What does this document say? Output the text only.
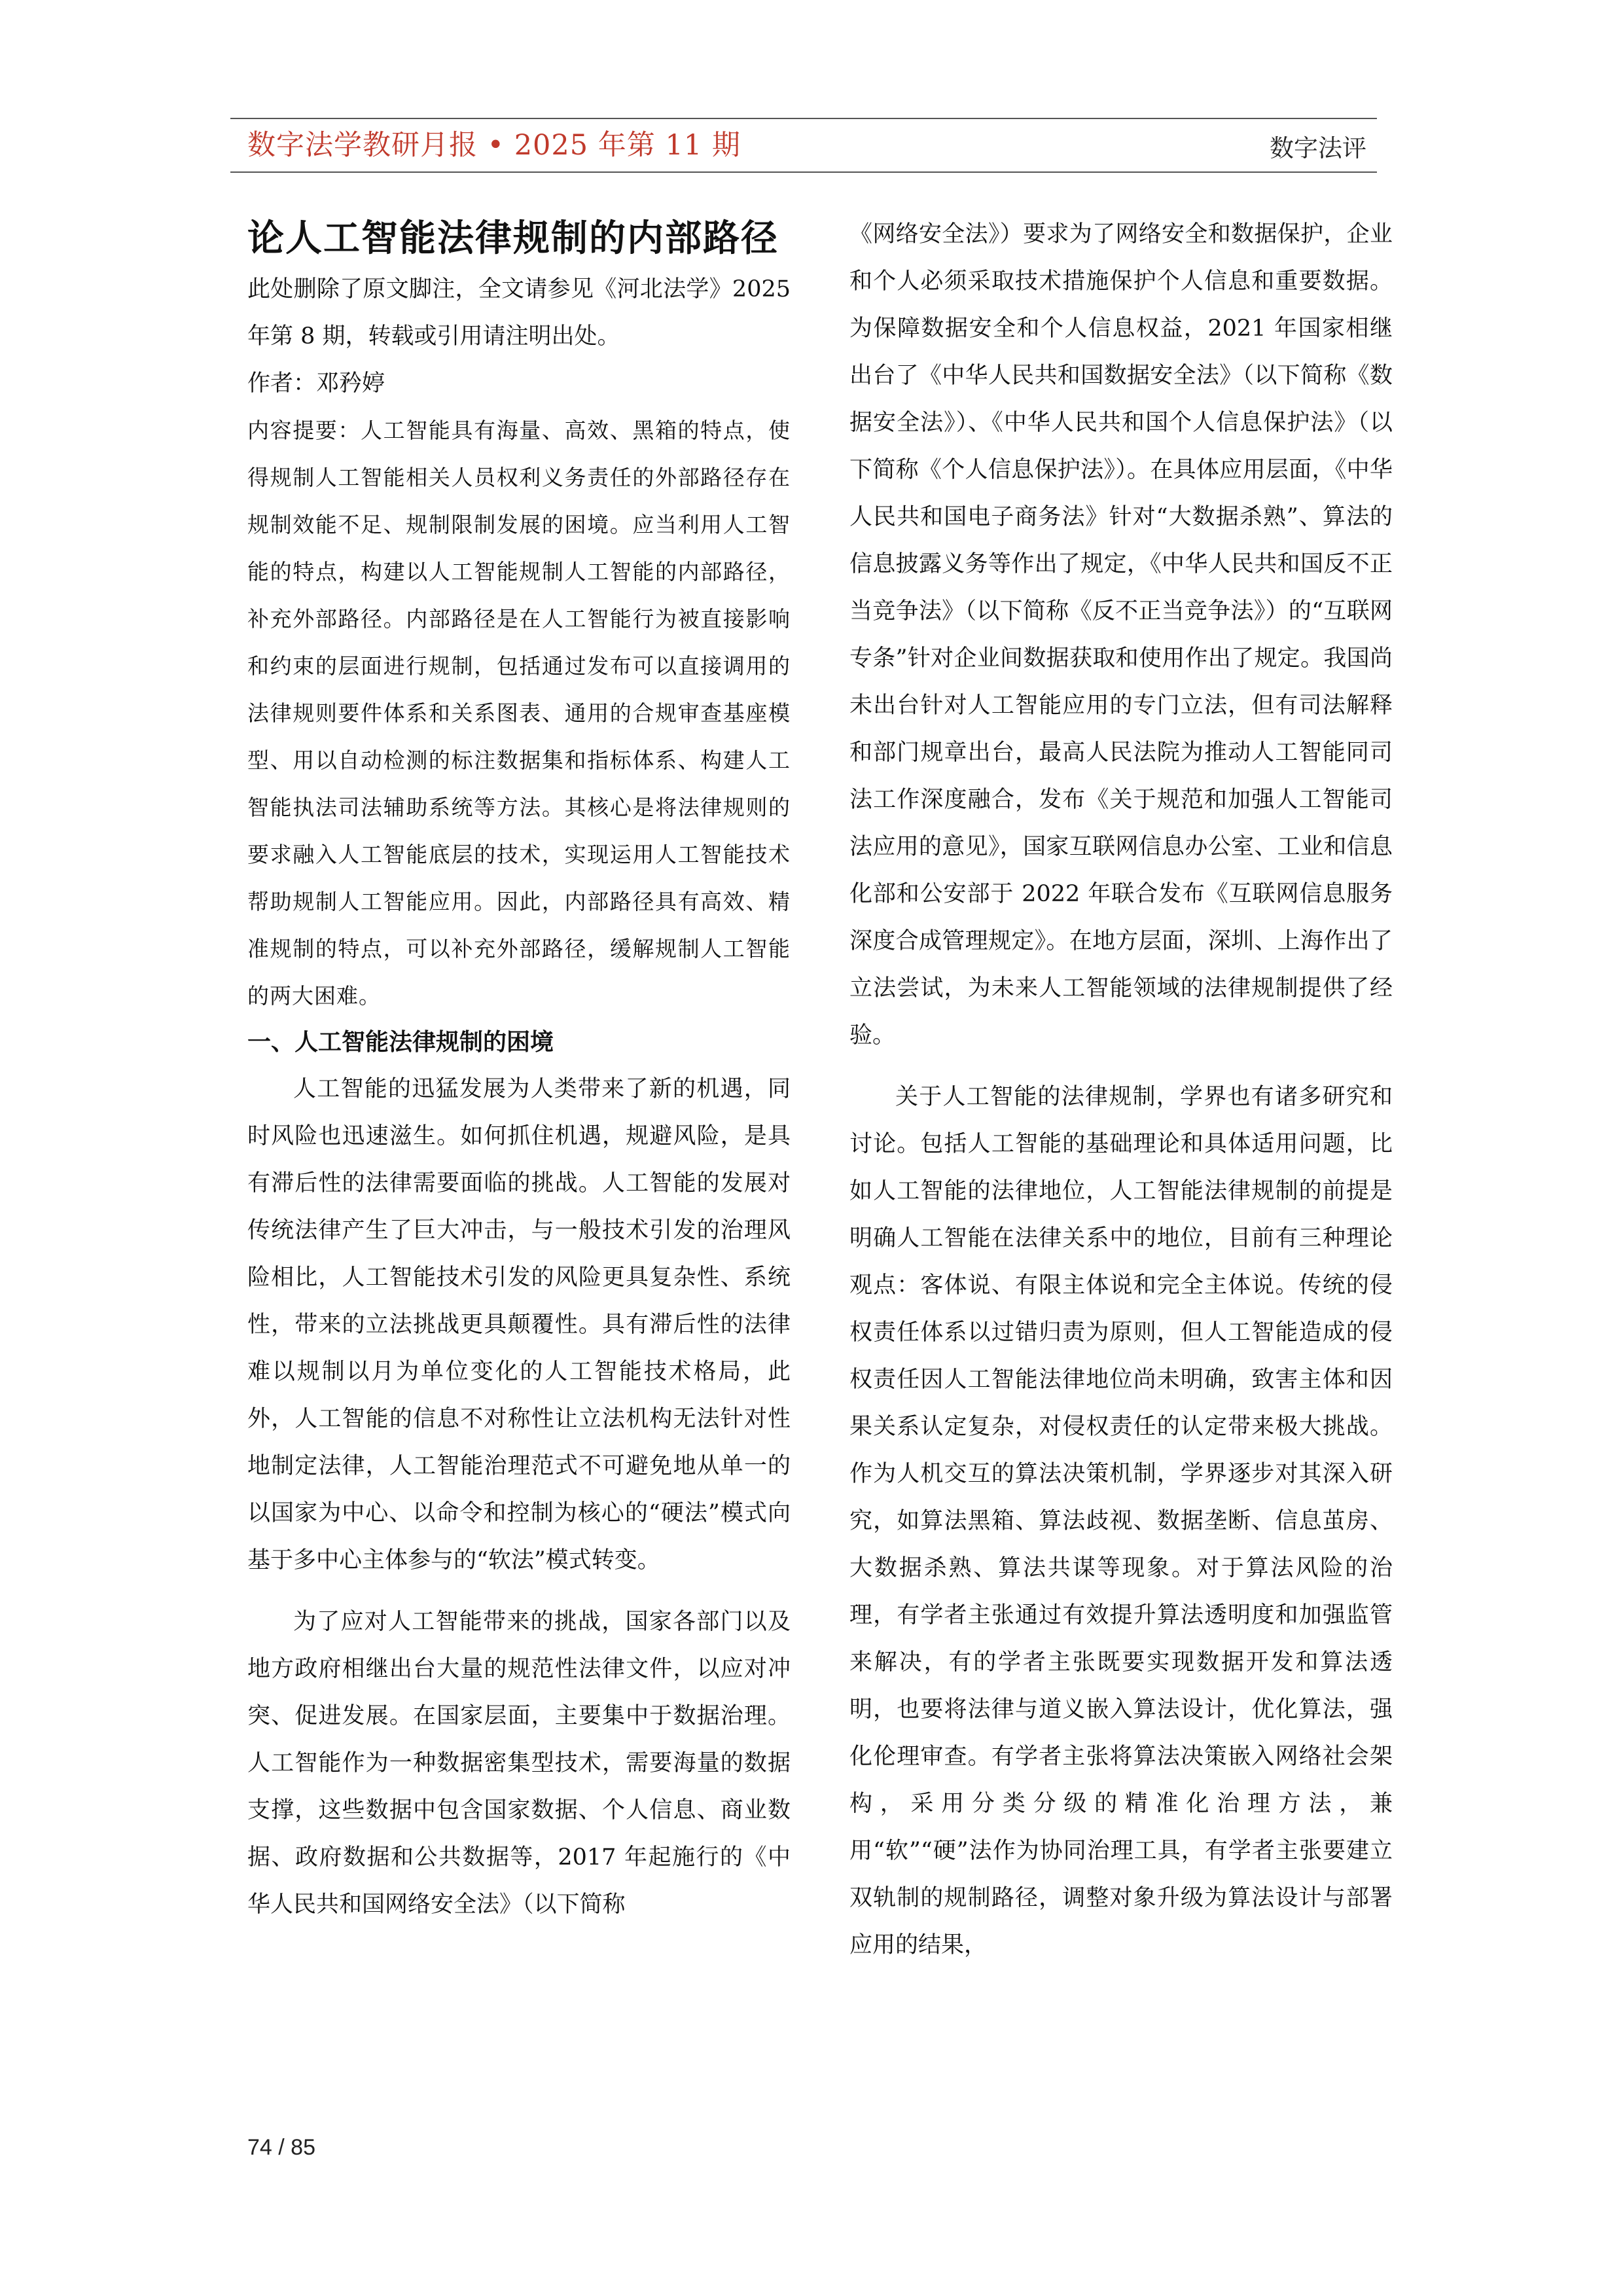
数字法学教研月报 • 2025 年第 11 期	数字法评
论人工智能法律规制的内部路径

此处删除了原文脚注，全文请参见《河北法学》2025 年第 8 期，转载或引用请注明出处。

作者：邓矜婷

内容提要：人工智能具有海量、高效、黑箱的特点，使得规制人工智能相关人员权利义务责任的外部路径存在规制效能不足、规制限制发展的困境。应当利用人工智能的特点，构建以人工智能规制人工智能的内部路径，补充外部路径。内部路径是在人工智能行为被直接影响和约束的层面进行规制，包括通过发布可以直接调用的法律规则要件体系和关系图表、通用的合规审查基座模型、用以自动检测的标注数据集和指标体系、构建人工智能执法司法辅助系统等方法。其核心是将法律规则的要求融入人工智能底层的技术，实现运用人工智能技术帮助规制人工智能应用。因此，内部路径具有高效、精准规制的特点，可以补充外部路径，缓解规制人工智能的两大困难。

一、人工智能法律规制的困境

人工智能的迅猛发展为人类带来了新的机遇，同时风险也迅速滋生。如何抓住机遇，规避风险，是具有滞后性的法律需要面临的挑战。人工智能的发展对传统法律产生了巨大冲击，与一般技术引发的治理风险相比，人工智能技术引发的风险更具复杂性、系统性，带来的立法挑战更具颠覆性。具有滞后性的法律难以规制以月为单位变化的人工智能技术格局，此外，人工智能的信息不对称性让立法机构无法针对性地制定法律，人工智能治理范式不可避免地从单一的以国家为中心、以命令和控制为核心的“硬法”模式向基于多中心主体参与的“软法”模式转变。

为了应对人工智能带来的挑战，国家各部门以及地方政府相继出台大量的规范性法律文件，以应对冲突、促进发展。在国家层面，主要集中于数据治理。人工智能作为一种数据密集型技术，需要海量的数据支撑，这些数据中包含国家数据、个人信息、商业数据、政府数据和公共数据等，2017 年起施行的《中华人民共和国网络安全法》（以下简称

《网络安全法》）要求为了网络安全和数据保护，企业和个人必须采取技术措施保护个人信息和重要数据。为保障数据安全和个人信息权益，2021 年国家相继出台了《中华人民共和国数据安全法》（以下简称《数据安全法》）、《中华人民共和国个人信息保护法》（以下简称《个人信息保护法》）。在具体应用层面，《中华人民共和国电子商务法》针对“大数据杀熟”、算法的信息披露义务等作出了规定，《中华人民共和国反不正当竞争法》（以下简称《反不正当竞争法》）的“互联网专条”针对企业间数据获取和使用作出了规定。我国尚未出台针对人工智能应用的专门立法，但有司法解释和部门规章出台，最高人民法院为推动人工智能同司法工作深度融合，发布《关于规范和加强人工智能司法应用的意见》，国家互联网信息办公室、工业和信息化部和公安部于 2022 年联合发布《互联网信息服务深度合成管理规定》。在地方层面，深圳、上海作出了立法尝试，为未来人工智能领域的法律规制提供了经验。

关于人工智能的法律规制，学界也有诸多研究和讨论。包括人工智能的基础理论和具体适用问题，比如人工智能的法律地位，人工智能法律规制的前提是明确人工智能在法律关系中的地位，目前有三种理论观点：客体说、有限主体说和完全主体说。传统的侵权责任体系以过错归责为原则，但人工智能造成的侵权责任因人工智能法律地位尚未明确，致害主体和因果关系认定复杂，对侵权责任的认定带来极大挑战。作为人机交互的算法决策机制，学界逐步对其深入研究，如算法黑箱、算法歧视、数据垄断、信息茧房、大数据杀熟、算法共谋等现象。对于算法风险的治理，有学者主张通过有效提升算法透明度和加强监管来解决，有的学者主张既要实现数据开发和算法透明，也要将法律与道义嵌入算法设计，优化算法，强化伦理审查。有学者主张将算法决策嵌入网络社会架构，采用分类分级的精准化治理方法，兼用“软”“硬”法作为协同治理工具，有学者主张要建立双轨制的规制路径，调整对象升级为算法设计与部署应用的结果，

74 / 85
